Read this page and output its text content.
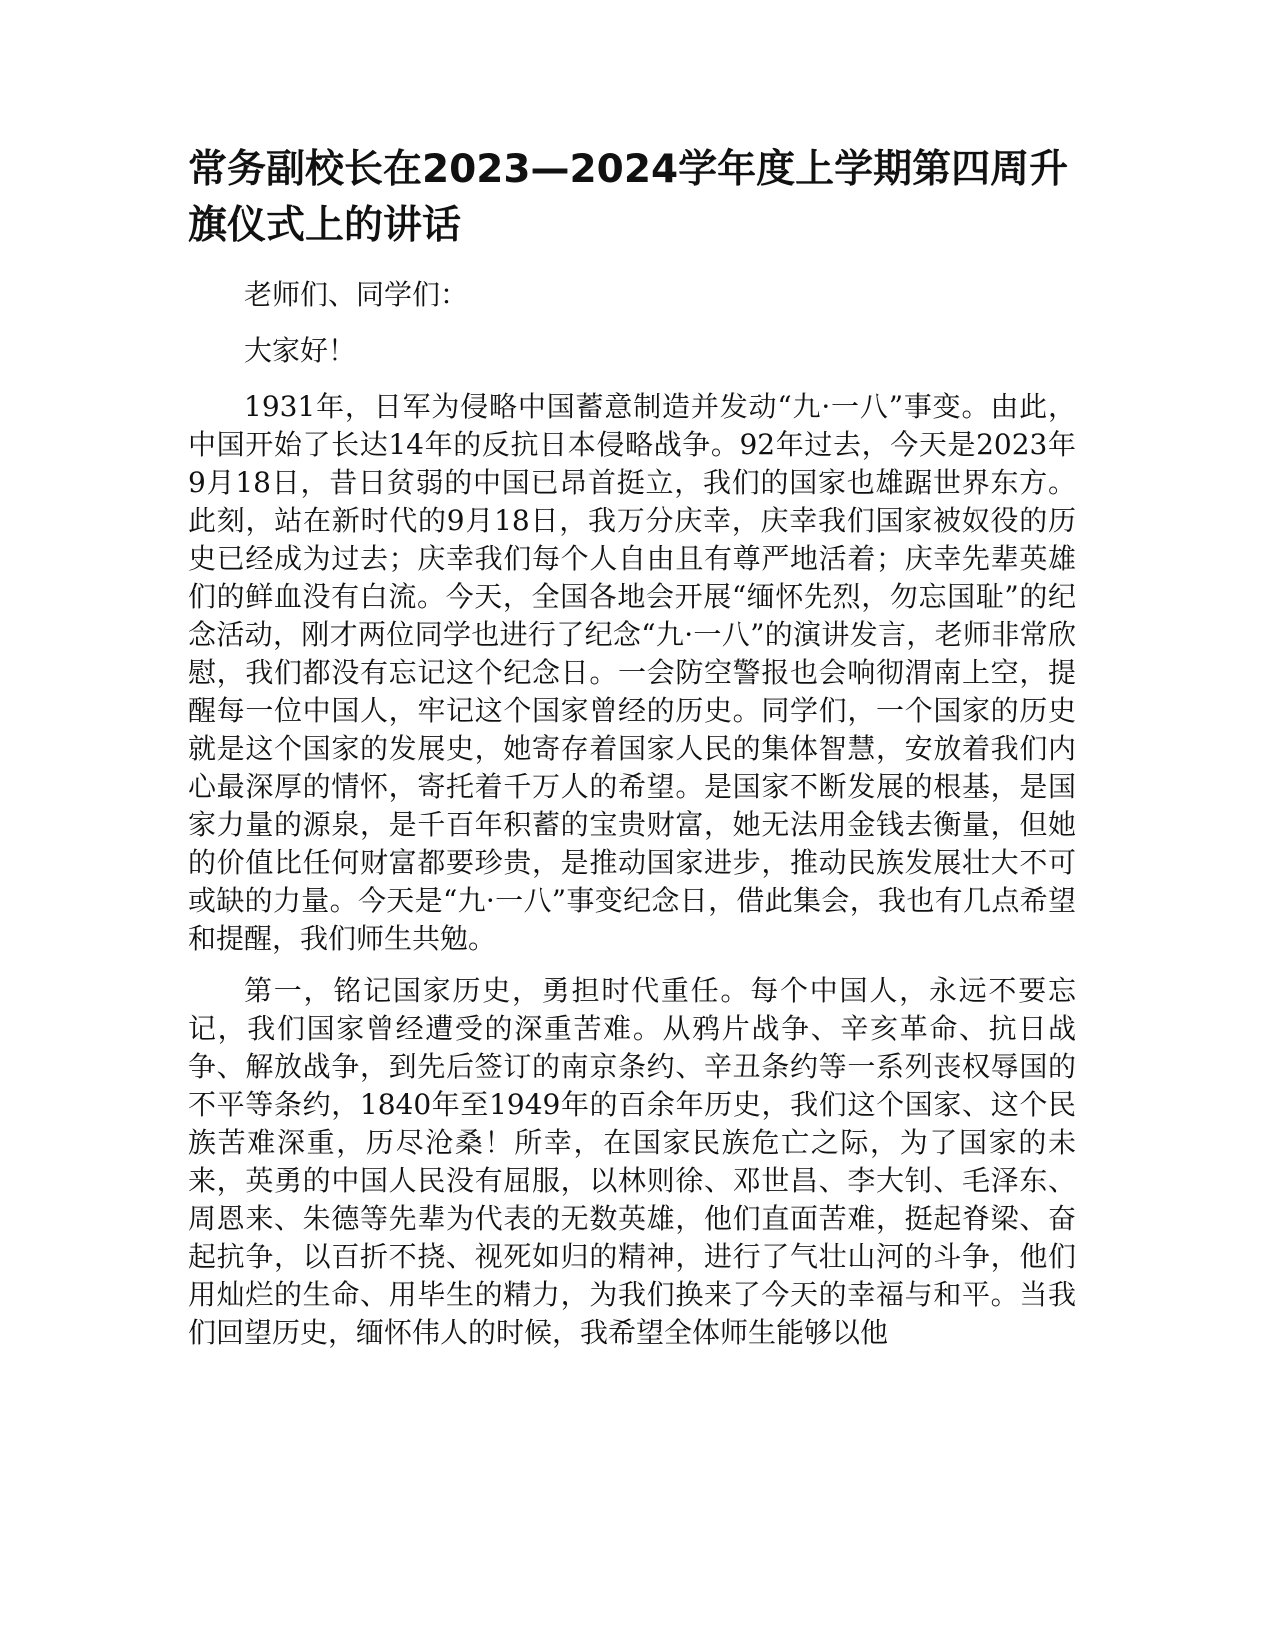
常务副校长在2023—2024学年度上学期第四周升旗仪式上的讲话

老师们、同学们：

大家好！

1931年，日军为侵略中国蓄意制造并发动“九·一八”事变。由此，中国开始了长达14年的反抗日本侵略战争。92年过去，今天是2023年9月18日，昔日贫弱的中国已昂首挺立，我们的国家也雄踞世界东方。此刻，站在新时代的9月18日，我万分庆幸，庆幸我们国家被奴役的历史已经成为过去；庆幸我们每个人自由且有尊严地活着；庆幸先辈英雄们的鲜血没有白流。今天，全国各地会开展“缅怀先烈，勿忘国耻”的纪念活动，刚才两位同学也进行了纪念“九·一八”的演讲发言，老师非常欣慰，我们都没有忘记这个纪念日。一会防空警报也会响彻渭南上空，提醒每一位中国人，牢记这个国家曾经的历史。同学们，一个国家的历史就是这个国家的发展史，她寄存着国家人民的集体智慧，安放着我们内心最深厚的情怀，寄托着千万人的希望。是国家不断发展的根基，是国家力量的源泉，是千百年积蓄的宝贵财富，她无法用金钱去衡量，但她的价值比任何财富都要珍贵，是推动国家进步，推动民族发展壮大不可或缺的力量。今天是“九·一八”事变纪念日，借此集会，我也有几点希望和提醒，我们师生共勉。

第一，铭记国家历史，勇担时代重任。每个中国人，永远不要忘记，我们国家曾经遭受的深重苦难。从鸦片战争、辛亥革命、抗日战争、解放战争，到先后签订的南京条约、辛丑条约等一系列丧权辱国的不平等条约，1840年至1949年的百余年历史，我们这个国家、这个民族苦难深重，历尽沧桑！所幸，在国家民族危亡之际，为了国家的未来，英勇的中国人民没有屈服，以林则徐、邓世昌、李大钊、毛泽东、周恩来、朱德等先辈为代表的无数英雄，他们直面苦难，挺起脊梁、奋起抗争，以百折不挠、视死如归的精神，进行了气壮山河的斗争，他们用灿烂的生命、用毕生的精力，为我们换来了今天的幸福与和平。当我们回望历史，缅怀伟人的时候，我希望全体师生能够以他
